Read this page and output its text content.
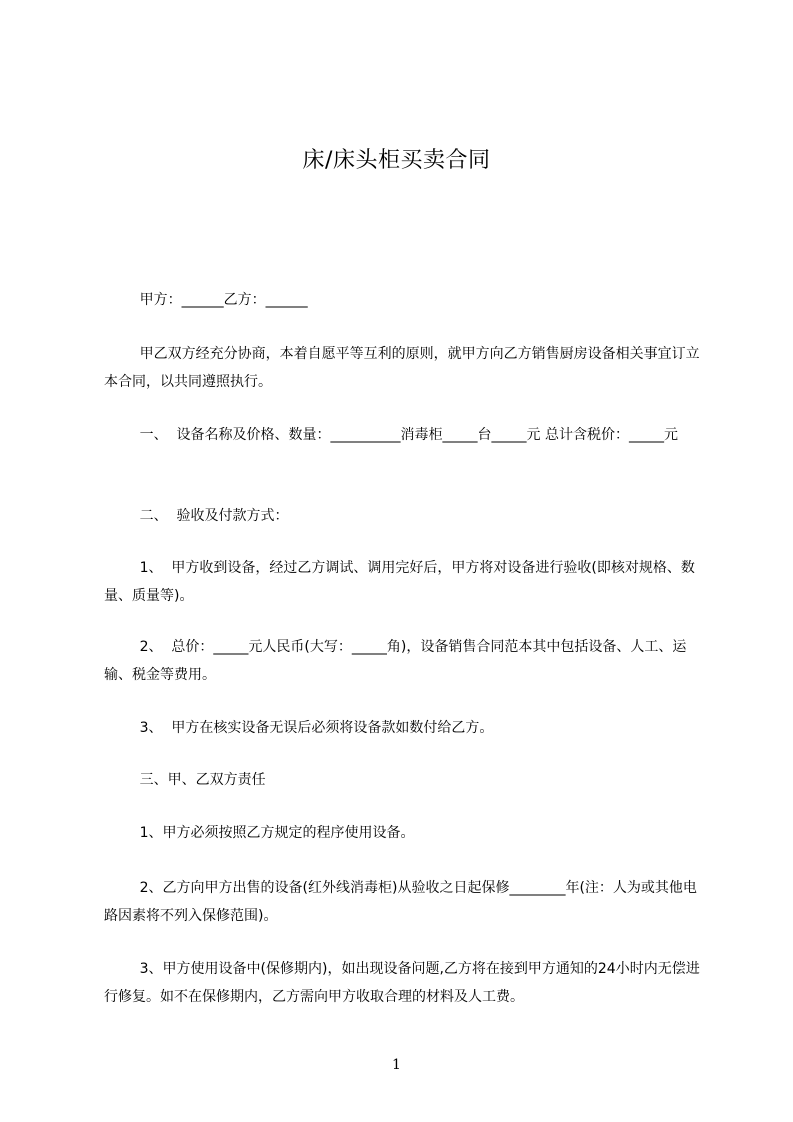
床/床头柜买卖合同
甲方：______乙方：______
甲乙双方经充分协商，本着自愿平等互利的原则，就甲方向乙方销售厨房设备相关事宜订立本合同，以共同遵照执行。
一、  设备名称及价格、数量：__________消毒柜_____台_____元 总计含税价：_____元
二、  验收及付款方式：
1、  甲方收到设备，经过乙方调试、调用完好后，甲方将对设备进行验收(即核对规格、数量、质量等)。
2、  总价：_____元人民币(大写：_____角)，设备销售合同范本其中包括设备、人工、运输、税金等费用。
3、  甲方在核实设备无误后必须将设备款如数付给乙方。
三、甲、乙双方责任
1、甲方必须按照乙方规定的程序使用设备。
2、乙方向甲方出售的设备(红外线消毒柜)从验收之日起保修________年(注：人为或其他电路因素将不列入保修范围)。
3、甲方使用设备中(保修期内)，如出现设备问题,乙方将在接到甲方通知的24小时内无偿进行修复。如不在保修期内，乙方需向甲方收取合理的材料及人工费。
1
